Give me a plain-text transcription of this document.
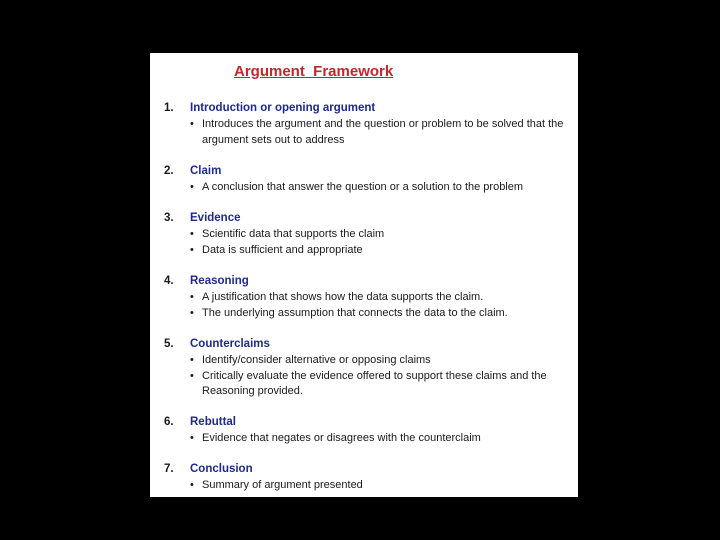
Argument  Framework
1. Introduction or opening argument
• Introduces the argument and the question or problem to be solved that the argument sets out to address
2. Claim
• A conclusion that answer the question or a solution to the problem
3. Evidence
• Scientific data that supports the claim
• Data is sufficient and appropriate
4. Reasoning
• A justification that shows how the data supports the claim.
• The underlying assumption that connects the data to the claim.
5. Counterclaims
• Identify/consider alternative or opposing claims
• Critically evaluate the evidence offered to support these claims and the Reasoning provided.
6. Rebuttal
• Evidence that negates or disagrees with the counterclaim
7. Conclusion
• Summary of argument presented
